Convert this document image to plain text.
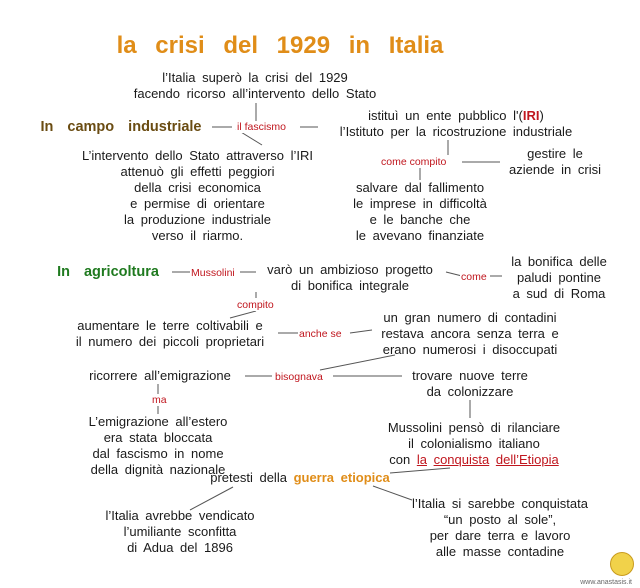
la crisi del 1929 in Italia
l’Italia superò la crisi del 1929
facendo ricorso all’intervento dello Stato
In campo industriale	il fascismo
istituì un ente pubblico l'(IRI)
l’Istituto per la ricostruzione industriale
come compito
gestire le
aziende in crisi
salvare dal fallimento
le imprese in difficoltà
e le banche che
le avevano finanziate
L’intervento dello Stato attraverso l’IRI
attenuò gli effetti peggiori
della crisi economica
e permise di orientare
la produzione industriale
verso il riarmo.
In agricoltura	Mussolini	varò un ambizioso progetto
di bonifica integrale
come
la bonifica delle
paludi pontine
a sud di Roma
compito
aumentare le terre coltivabili e
il numero dei piccoli proprietari	anche se
un gran numero di contadini
restava ancora senza terra e
erano numerosi i disoccupati
ricorrere all’emigrazione	bisognava	trovare nuove terre
da colonizzare
ma
L’emigrazione all’estero
era stata bloccata
dal fascismo in nome
della dignità nazionale
Mussolini pensò di rilanciare
il colonialismo italiano
con la conquista dell’Etiopia
pretesti della guerra etiopica
l’Italia avrebbe vendicato
l’umiliante sconfitta
di Adua del 1896
l’Italia si sarebbe conquistata
“un posto al sole”,
per dare terra e lavoro
alle masse contadine
www.anastasis.it
